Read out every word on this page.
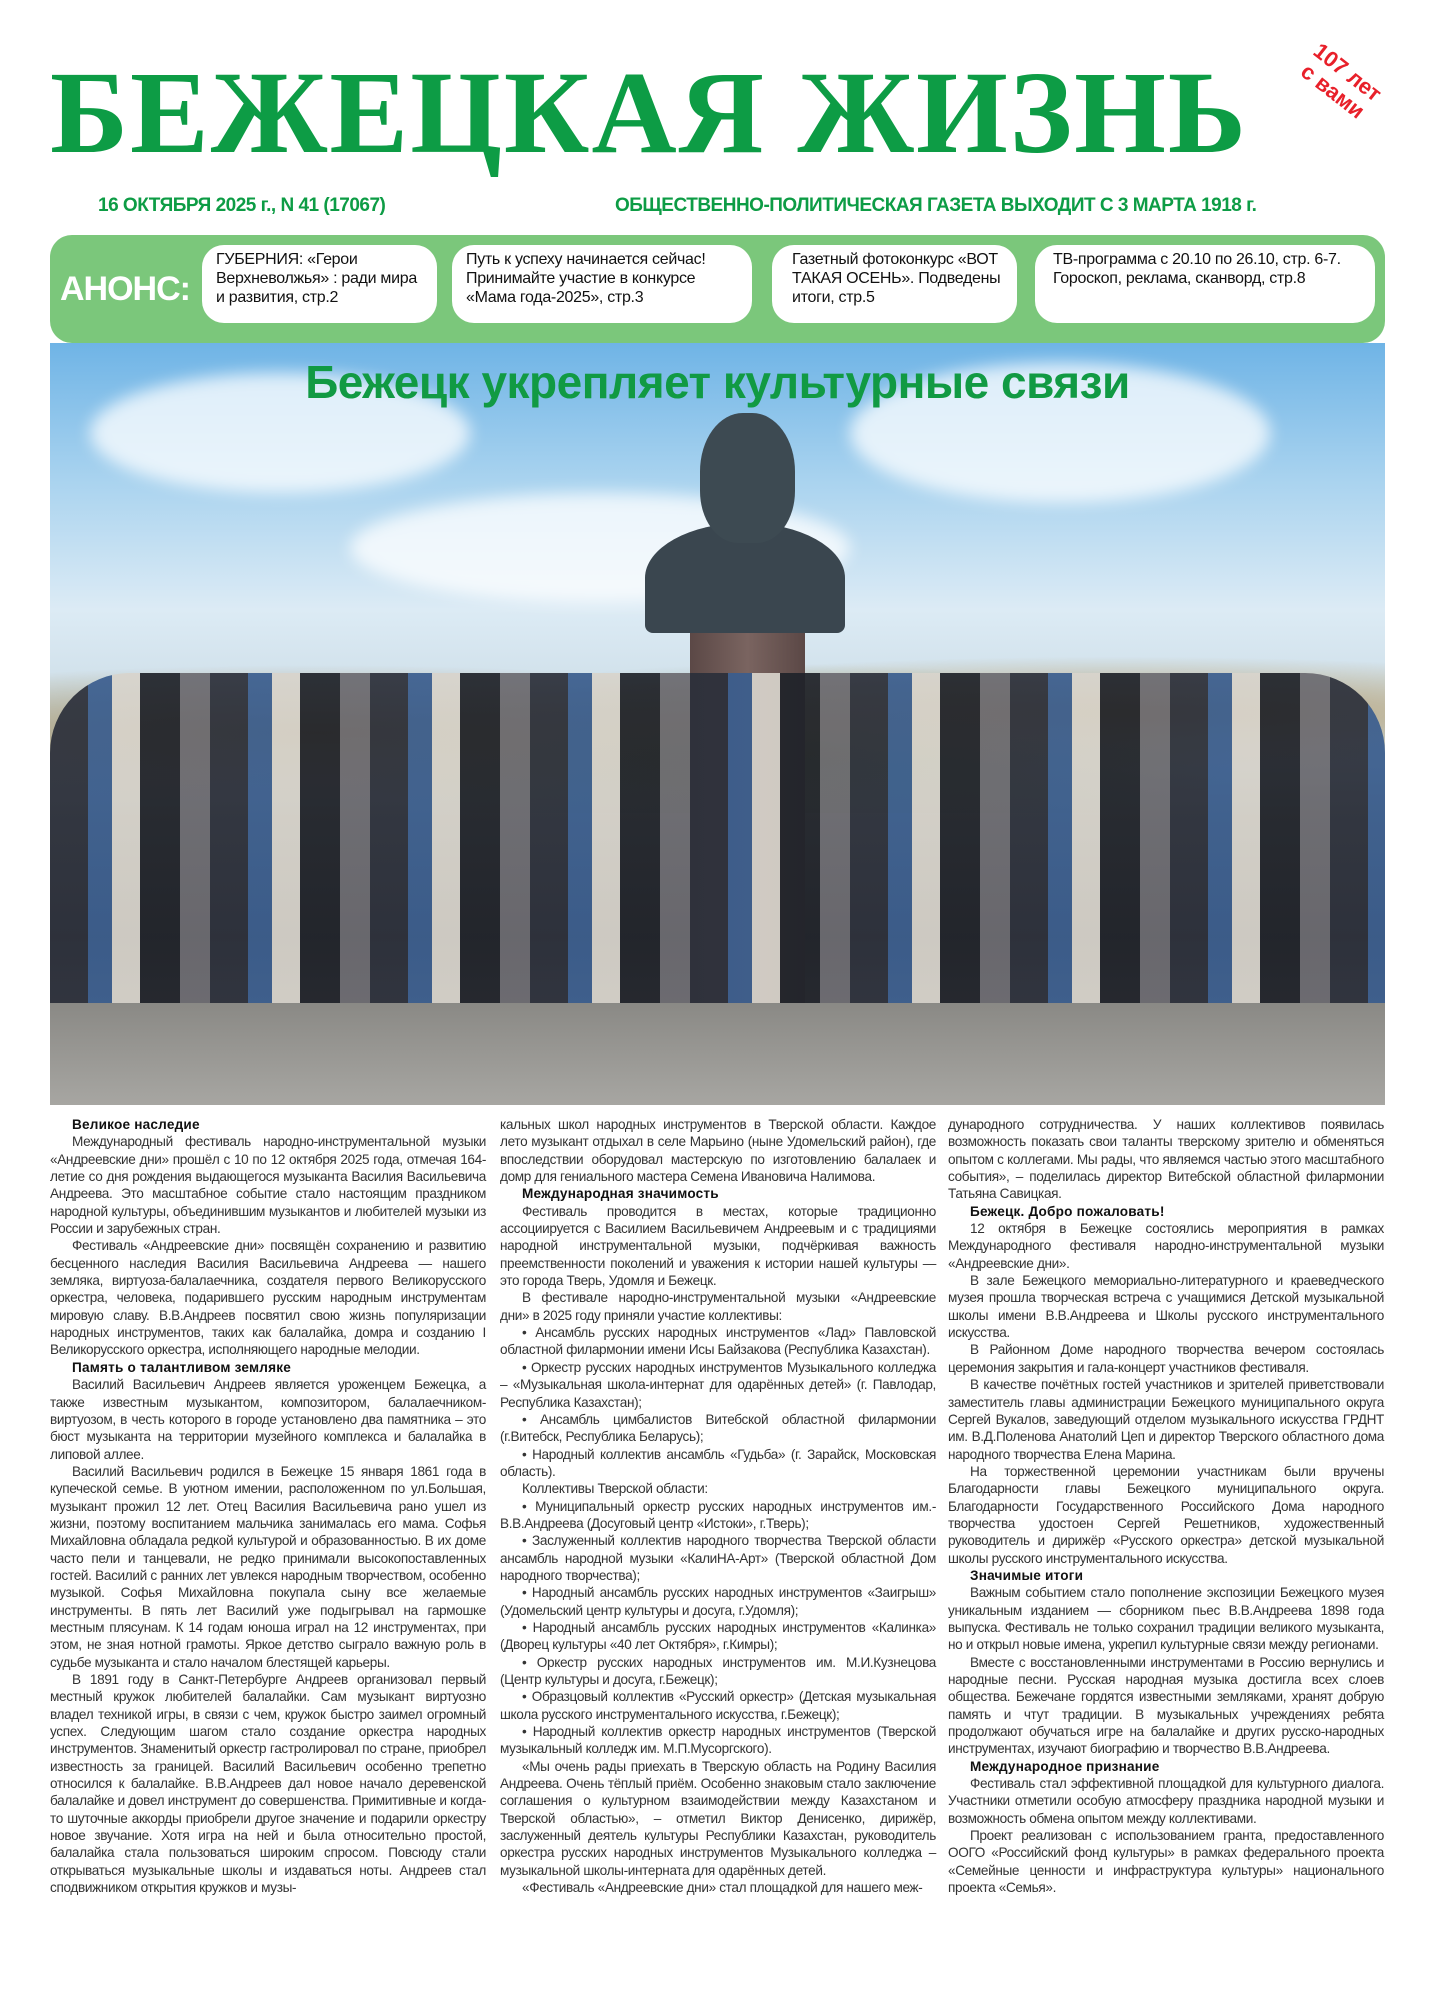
БЕЖЕЦКАЯ ЖИЗНЬ	107 лет с вами
16 ОКТЯБРЯ 2025 г., N 41 (17067)	ОБЩЕСТВЕННО-ПОЛИТИЧЕСКАЯ ГАЗЕТА ВЫХОДИТ С 3 МАРТА 1918 г.
АНОНС:
ГУБЕРНИЯ: «Герои Верхневолжья» : ради мира и развития, стр.2
Путь к успеху начинается сейчас! Принимайте участие в конкурсе «Мама года-2025», стр.3
Газетный фотоконкурс «ВОТ ТАКАЯ ОСЕНЬ». Подведены итоги, стр.5
ТВ-программа с 20.10 по 26.10, стр. 6-7. Гороскоп, реклама, сканворд, стр.8
Бежецк укрепляет культурные связи
Великое наследие

Международный фестиваль народно-инструментальной музыки «Андреевские дни» прошёл с 10 по 12 октября 2025 года, отмечая 164-летие со дня рождения выдающегося музыканта Василия Васильевича Андреева. Это масштабное событие стало настоящим праздником народной культуры, объединившим музыкантов и любителей музыки из России и зарубежных стран.

Фестиваль «Андреевские дни» посвящён сохранению и развитию бесценного наследия Василия Васильевича Андреева — нашего земляка, виртуоза-балалаечника, создателя первого Великорусского оркестра, человека, подарившего русским народным инструментам мировую славу. В.В.Андреев посвятил свою жизнь популяризации народных инструментов, таких как балалайка, домра и созданию I Великорусского оркестра, исполняющего народные мелодии.

Память о талантливом земляке

Василий Васильевич Андреев является уроженцем Бежецка, а также известным музыкантом, композитором, балалаечником-виртуозом, в честь которого в городе установлено два памятника – это бюст музыканта на территории музейного комплекса и балалайка в липовой аллее.

Василий Васильевич родился в Бежецке 15 января 1861 года в купеческой семье. В уютном имении, расположенном по ул.Большая, музыкант прожил 12 лет. Отец Василия Васильевича рано ушел из жизни, поэтому воспитанием мальчика занималась его мама. Софья Михайловна обладала редкой культурой и образованностью. В их доме часто пели и танцевали, не редко принимали высокопоставленных гостей. Василий с ранних лет увлекся народным творчеством, особенно музыкой. Софья Михайловна покупала сыну все желаемые инструменты. В пять лет Василий уже подыгрывал на гармошке местным плясунам. К 14 годам юноша играл на 12 инструментах, при этом, не зная нотной грамоты. Яркое детство сыграло важную роль в судьбе музыканта и стало началом блестящей карьеры.

В 1891 году в Санкт-Петербурге Андреев организовал первый местный кружок любителей балалайки. Сам музыкант виртуозно владел техникой игры, в связи с чем, кружок быстро заимел огромный успех. Следующим шагом стало создание оркестра народных инструментов. Знаменитый оркестр гастролировал по стране, приобрел известность за границей. Василий Васильевич особенно трепетно относился к балалайке. В.В.Андреев дал новое начало деревенской балалайке и довел инструмент до совершенства. Примитивные и когда-то шуточные аккорды приобрели другое значение и подарили оркестру новое звучание. Хотя игра на ней и была относительно простой, балалайка стала пользоваться широким спросом. Повсюду стали открываться музыкальные школы и издаваться ноты. Андреев стал сподвижником открытия кружков и музы-

кальных школ народных инструментов в Тверской области. Каждое лето музыкант отдыхал в селе Марьино (ныне Удомельский район), где впоследствии оборудовал мастерскую по изготовлению балалаек и домр для гениального мастера Семена Ивановича Налимова.

Международная значимость

Фестиваль проводится в местах, которые традиционно ассоциируется с Василием Васильевичем Андреевым и с традициями народной инструментальной музыки, подчёркивая важность преемственности поколений и уважения к истории нашей культуры — это города Тверь, Удомля и Бежецк.

В фестивале народно-инструментальной музыки «Андреевские дни» в 2025 году приняли участие коллективы:

• Ансамбль русских народных инструментов «Лад» Павловской областной филармонии имени Исы Байзакова (Республика Казахстан).

• Оркестр русских народных инструментов Музыкального колледжа – «Музыкальная школа-интернат для одарённых детей» (г. Павлодар, Республика Казахстан);

• Ансамбль цимбалистов Витебской областной филармонии (г.Витебск, Республика Беларусь);

• Народный коллектив ансамбль «Гудьба» (г. Зарайск, Московская область).

Коллективы Тверской области:

• Муниципальный оркестр русских народных инструментов им.-В.В.Андреева (Досуговый центр «Истоки», г.Тверь);

• Заслуженный коллектив народного творчества Тверской области ансамбль народной музыки «КалиНА-Арт» (Тверской областной Дом народного творчества);

• Народный ансамбль русских народных инструментов «Заигрыш» (Удомельский центр культуры и досуга, г.Удомля);

• Народный ансамбль русских народных инструментов «Калинка» (Дворец культуры «40 лет Октября», г.Кимры);

• Оркестр русских народных инструментов им. М.И.Кузнецова (Центр культуры и досуга, г.Бежецк);

• Образцовый коллектив «Русский оркестр» (Детская музыкальная школа русского инструментального искусства, г.Бежецк);

• Народный коллектив оркестр народных инструментов (Тверской музыкальный колледж им. М.П.Мусоргского).

«Мы очень рады приехать в Тверскую область на Родину Василия Андреева. Очень тёплый приём. Особенно знаковым стало заключение соглашения о культурном взаимодействии между Казахстаном и Тверской областью», – отметил Виктор Денисенко, дирижёр, заслуженный деятель культуры Республики Казахстан, руководитель оркестра русских народных инструментов Музыкального колледжа – музыкальной школы-интерната для одарённых детей.

«Фестиваль «Андреевские дни» стал площадкой для нашего меж-

дународного сотрудничества. У наших коллективов появилась возможность показать свои таланты тверскому зрителю и обменяться опытом с коллегами. Мы рады, что являемся частью этого масштабного события», – поделилась директор Витебской областной филармонии Татьяна Савицкая.

Бежецк. Добро пожаловать!

12 октября в Бежецке состоялись мероприятия в рамках Международного фестиваля народно-инструментальной музыки «Андреевские дни».

В зале Бежецкого мемориально-литературного и краеведческого музея прошла творческая встреча с учащимися Детской музыкальной школы имени В.В.Андреева и Школы русского инструментального искусства.

В Районном Доме народного творчества вечером состоялась церемония закрытия и гала-концерт участников фестиваля.

В качестве почётных гостей участников и зрителей приветствовали заместитель главы администрации Бежецкого муниципального округа Сергей Вукалов, заведующий отделом музыкального искусства ГРДНТ им. В.Д.Поленова Анатолий Цеп и директор Тверского областного дома народного творчества Елена Марина.

На торжественной церемонии участникам были вручены Благодарности главы Бежецкого муниципального округа. Благодарности Государственного Российского Дома народного творчества удостоен Сергей Решетников, художественный руководитель и дирижёр «Русского оркестра» детской музыкальной школы русского инструментального искусства.

Значимые итоги

Важным событием стало пополнение экспозиции Бежецкого музея уникальным изданием — сборником пьес В.В.Андреева 1898 года выпуска. Фестиваль не только сохранил традиции великого музыканта, но и открыл новые имена, укрепил культурные связи между регионами.

Вместе с восстановленными инструментами в Россию вернулись и народные песни. Русская народная музыка достигла всех слоев общества. Бежечане гордятся известными земляками, хранят добрую память и чтут традиции. В музыкальных учреждениях ребята продолжают обучаться игре на балалайке и других русско-народных инструментах, изучают биографию и творчество В.В.Андреева.

Международное признание

Фестиваль стал эффективной площадкой для культурного диалога. Участники отметили особую атмосферу праздника народной музыки и возможность обмена опытом между коллективами.

Проект реализован с использованием гранта, предоставленного ООГО «Российский фонд культуры» в рамках федерального проекта «Семейные ценности и инфраструктура культуры» национального проекта «Семья».
